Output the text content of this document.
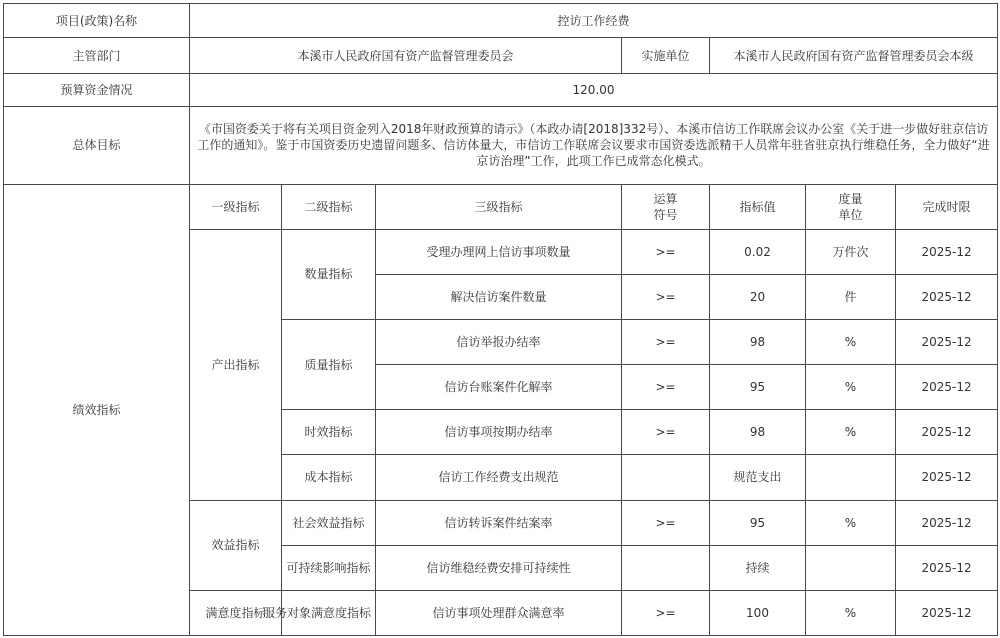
项目(政策)名称	控访工作经费						
主管部门	本溪市人民政府国有资产监督管理委员会			实施单位	本溪市人民政府国有资产监督管理委员会本级		
预算资金情况	120.00						
总体目标	《市国资委关于将有关项目资金列入2018年财政预算的请示》（本政办请[2018]332号）、本溪市信访工作联席会议办公室《关于进一步做好驻京信访工作的通知》。鉴于市国资委历史遗留问题多、信访体量大，市信访工作联席会议要求市国资委选派精干人员常年驻省驻京执行维稳任务，全力做好“进京访治理”工作，此项工作已成常态化模式。						
绩效指标	一级指标	二级指标	三级指标	运算符号	指标值	度量单位	完成时限
	产出指标	数量指标	受理办理网上信访事项数量	>=	0.02	万件次	2025-12
			解决信访案件数量	>=	20	件	2025-12
		质量指标	信访举报办结率	>=	98	%	2025-12
			信访台账案件化解率	>=	95	%	2025-12
		时效指标	信访事项按期办结率	>=	98	%	2025-12
		成本指标	信访工作经费支出规范		规范支出		2025-12
	效益指标	社会效益指标	信访转诉案件结案率	>=	95	%	2025-12
		可持续影响指标	信访维稳经费安排可持续性		持续		2025-12
	满意度指标	服务对象满意度指标	信访事项处理群众满意率	>=	100	%	2025-12
